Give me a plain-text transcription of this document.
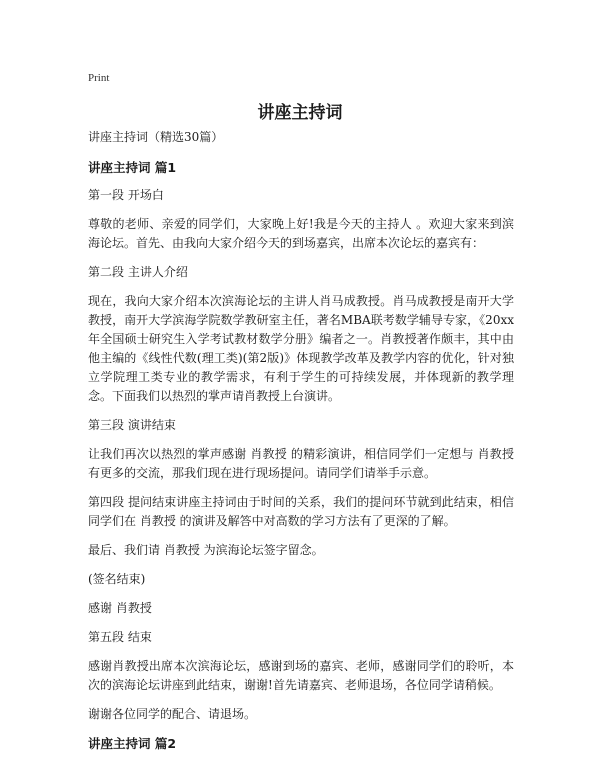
Print
讲座主持词

讲座主持词（精选30篇）

讲座主持词 篇1

第一段 开场白

尊敬的老师、亲爱的同学们，大家晚上好!我是今天的主持人 。欢迎大家来到滨海论坛。首先、由我向大家介绍今天的到场嘉宾，出席本次论坛的嘉宾有：

第二段 主讲人介绍

现在，我向大家介绍本次滨海论坛的主讲人肖马成教授。肖马成教授是南开大学教授，南开大学滨海学院数学教研室主任，著名MBA联考数学辅导专家，《20xx年全国硕士研究生入学考试教材数学分册》编者之一。肖教授著作颇丰，其中由他主编的《线性代数(理工类)(第2版)》体现教学改革及教学内容的优化，针对独立学院理工类专业的教学需求，有利于学生的可持续发展，并体现新的教学理念。下面我们以热烈的掌声请肖教授上台演讲。

第三段 演讲结束

让我们再次以热烈的掌声感谢 肖教授 的精彩演讲，相信同学们一定想与 肖教授 有更多的交流，那我们现在进行现场提问。请同学们请举手示意。

第四段 提问结束讲座主持词由于时间的关系，我们的提问环节就到此结束，相信同学们在 肖教授 的演讲及解答中对高数的学习方法有了更深的了解。

最后、我们请 肖教授 为滨海论坛签字留念。

(签名结束)

感谢 肖教授

第五段 结束

感谢肖教授出席本次滨海论坛，感谢到场的嘉宾、老师，感谢同学们的聆听，本次的滨海论坛讲座到此结束，谢谢!首先请嘉宾、老师退场，各位同学请稍候。

谢谢各位同学的配合、请退场。

讲座主持词 篇2
